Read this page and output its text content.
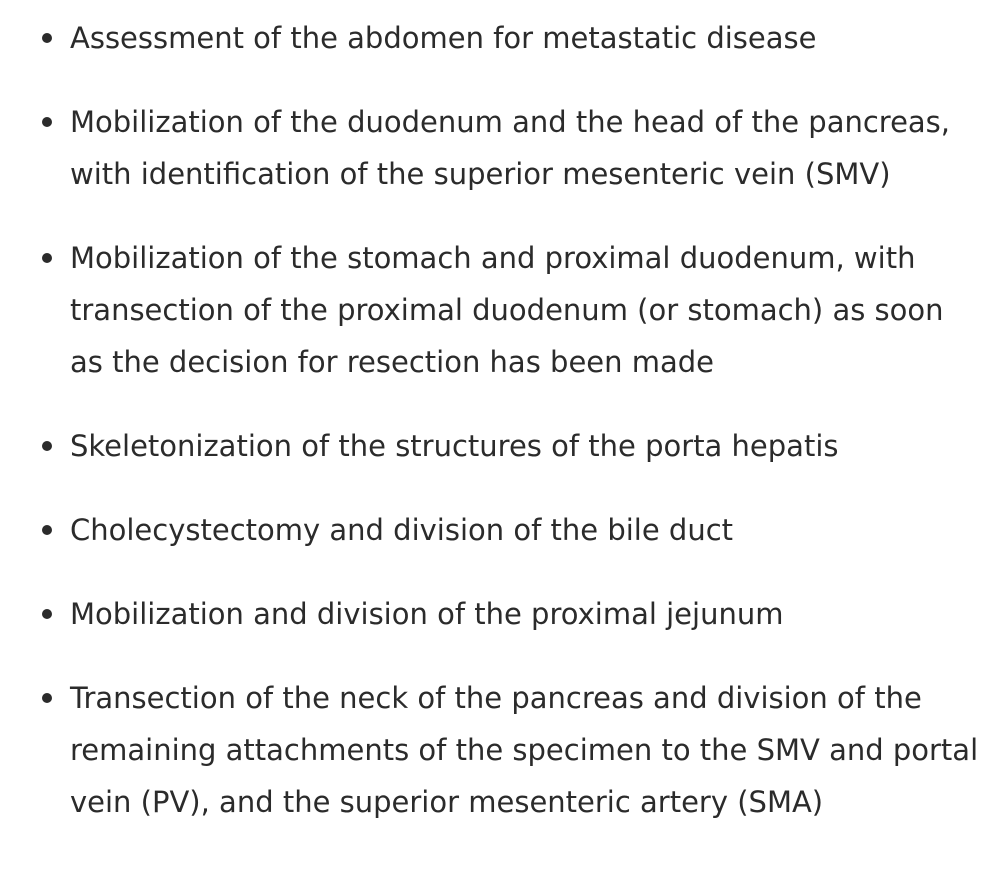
Assessment of the abdomen for metastatic disease
Mobilization of the duodenum and the head of the pancreas, with identification of the superior mesenteric vein (SMV)
Mobilization of the stomach and proximal duodenum, with transection of the proximal duodenum (or stomach) as soon as the decision for resection has been made
Skeletonization of the structures of the porta hepatis
Cholecystectomy and division of the bile duct
Mobilization and division of the proximal jejunum
Transection of the neck of the pancreas and division of the remaining attachments of the specimen to the SMV and portal vein (PV), and the superior mesenteric artery (SMA)
